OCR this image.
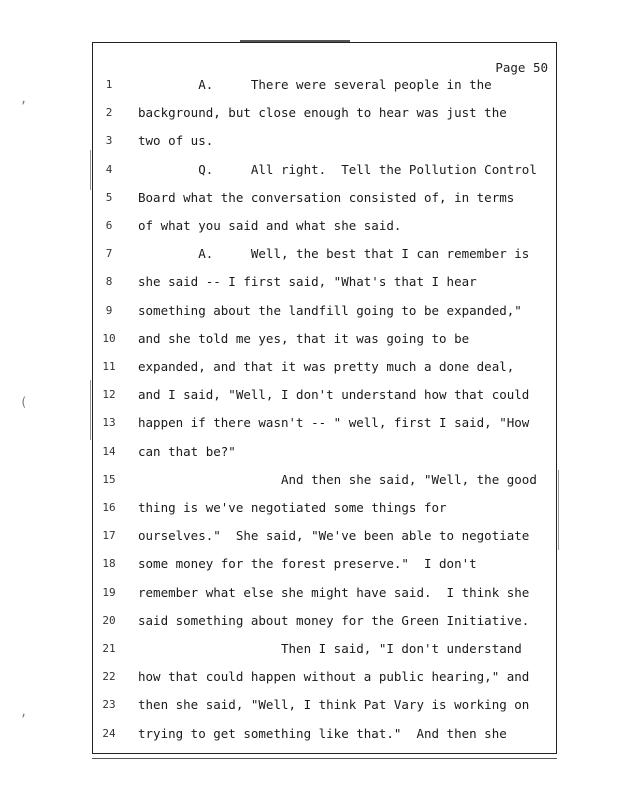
,
(
,
Page 50
1	A.     There were several people in the
2	background, but close enough to hear was just the
3	two of us.
4	Q.     All right.  Tell the Pollution Control
5	Board what the conversation consisted of, in terms
6	of what you said and what she said.
7	A.     Well, the best that I can remember is
8	she said -- I first said, "What's that I hear
9	something about the landfill going to be expanded,"
10	and she told me yes, that it was going to be
11	expanded, and that it was pretty much a done deal,
12	and I said, "Well, I don't understand how that could
13	happen if there wasn't -- " well, first I said, "How
14	can that be?"
15	And then she said, "Well, the good
16	thing is we've negotiated some things for
17	ourselves."  She said, "We've been able to negotiate
18	some money for the forest preserve."  I don't
19	remember what else she might have said.  I think she
20	said something about money for the Green Initiative.
21	Then I said, "I don't understand
22	how that could happen without a public hearing," and
23	then she said, "Well, I think Pat Vary is working on
24	trying to get something like that."  And then she
